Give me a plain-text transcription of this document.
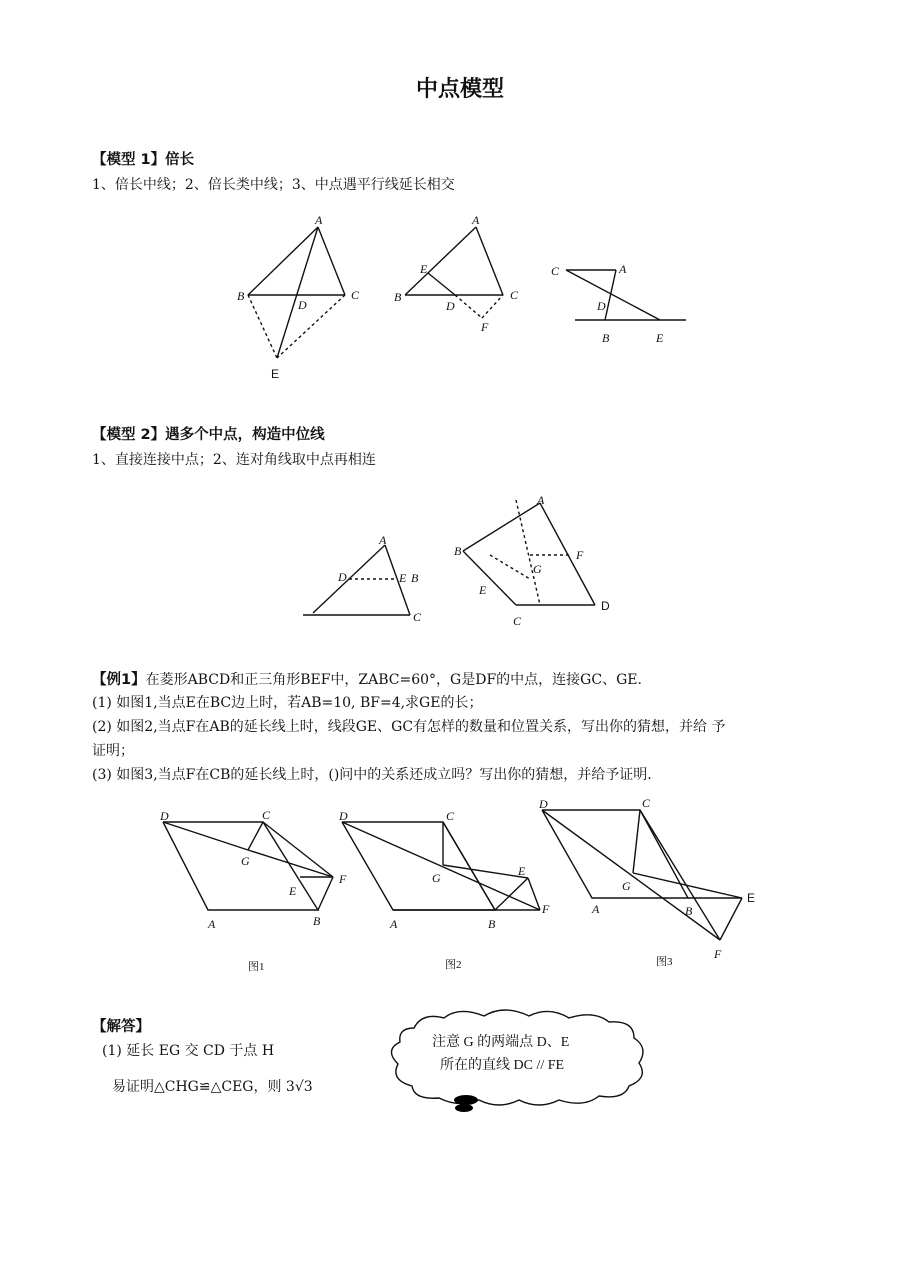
中点模型
【模型 1】倍长
1、倍长中线；2、倍长类中线；3、中点遇平行线延长相交
A
B	C
D
E
A
B	C
D
E
F
C	A
D
B	E
【模型 2】遇多个中点，构造中位线
1、直接连接中点；2、连对角线取中点再相连
A
D	E B
C
A
B	F
G
E
C
D
【例1】在菱形ABCD和正三角形BEF中，ZABC=60°，G是DF的中点，连接GC、GE.
(1) 如图1,当点E在BC边上时，若AB=10, BF=4,求GE的长；
(2) 如图2,当点F在AB的延长线上时，线段GE、GC有怎样的数量和位置关系，写出你的猜想，并给 予
证明；
(3) 如图3,当点F在CB的延长线上时，()问中的关系还成立吗？写出你的猜想，并给予证明.
D	C
G
E
F
A	B
图1
D	C
G	E
F
A	B
图2
D	C
G
E
B
A
F
图3
【解答】
(1) 延长 EG 交 CD 于点 H
易证明△CHG≌△CEG，则 3√3
注意 G 的两端点 D、E
所在的直线 DC // FE
